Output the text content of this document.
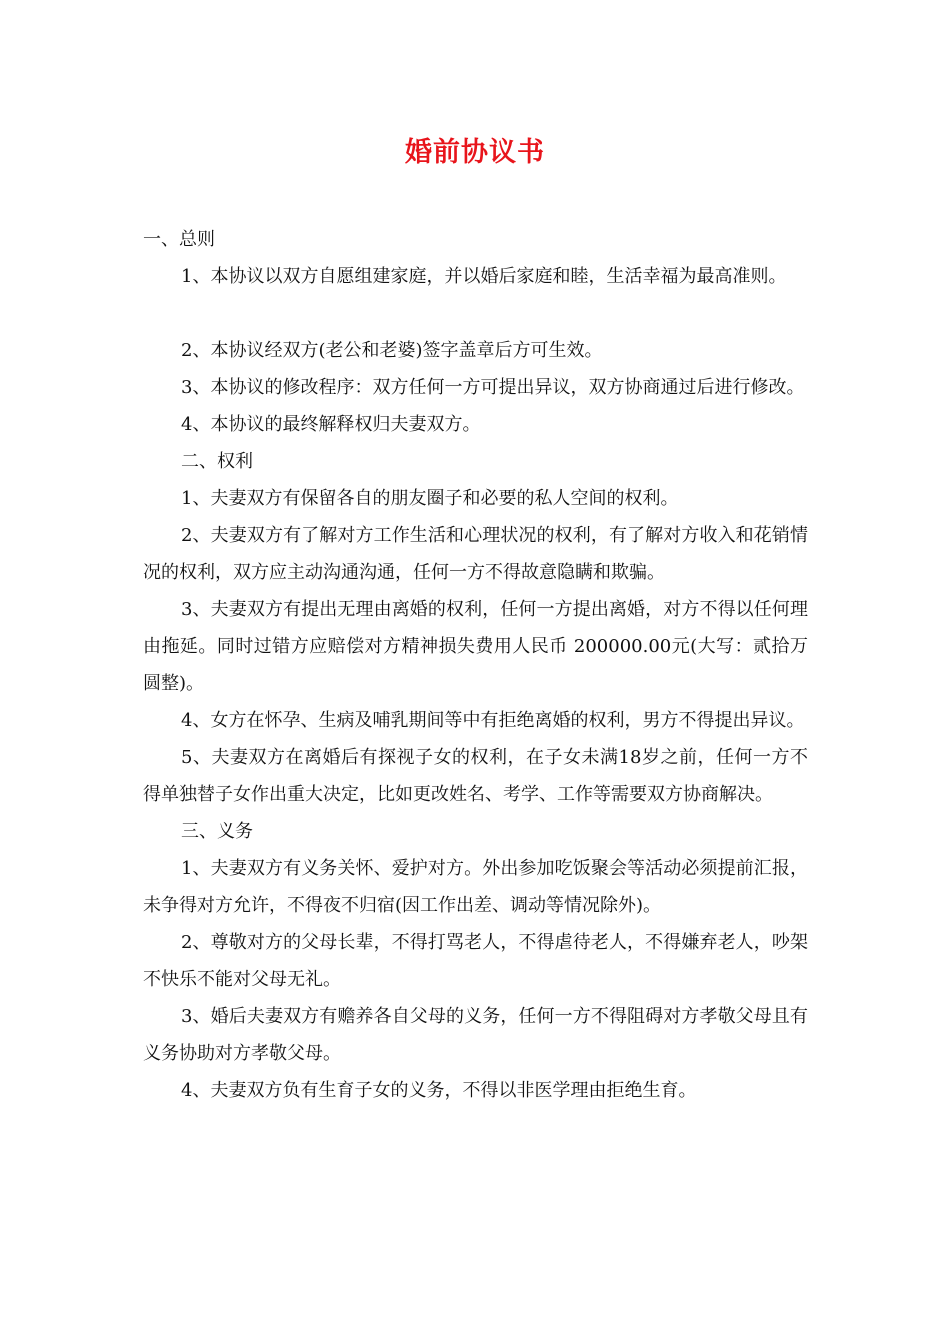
婚前协议书

一、总则

1、本协议以双方自愿组建家庭，并以婚后家庭和睦，生活幸福为最高准则。

2、本协议经双方(老公和老婆)签字盖章后方可生效。

3、本协议的修改程序：双方任何一方可提出异议，双方协商通过后进行修改。

4、本协议的最终解释权归夫妻双方。

二、权利

1、夫妻双方有保留各自的朋友圈子和必要的私人空间的权利。

2、夫妻双方有了解对方工作生活和心理状况的权利，有了解对方收入和花销情况的权利，双方应主动沟通沟通，任何一方不得故意隐瞒和欺骗。

3、夫妻双方有提出无理由离婚的权利，任何一方提出离婚，对方不得以任何理由拖延。同时过错方应赔偿对方精神损失费用人民币 200000.00元(大写：贰拾万圆整)。

4、女方在怀孕、生病及哺乳期间等中有拒绝离婚的权利，男方不得提出异议。

5、夫妻双方在离婚后有探视子女的权利，在子女未满18岁之前，任何一方不得单独替子女作出重大决定，比如更改姓名、考学、工作等需要双方协商解决。

三、义务

1、夫妻双方有义务关怀、爱护对方。外出参加吃饭聚会等活动必须提前汇报，未争得对方允许，不得夜不归宿(因工作出差、调动等情况除外)。

2、尊敬对方的父母长辈，不得打骂老人，不得虐待老人，不得嫌弃老人，吵架不快乐不能对父母无礼。

3、婚后夫妻双方有赡养各自父母的义务，任何一方不得阻碍对方孝敬父母且有义务协助对方孝敬父母。

4、夫妻双方负有生育子女的义务，不得以非医学理由拒绝生育。
